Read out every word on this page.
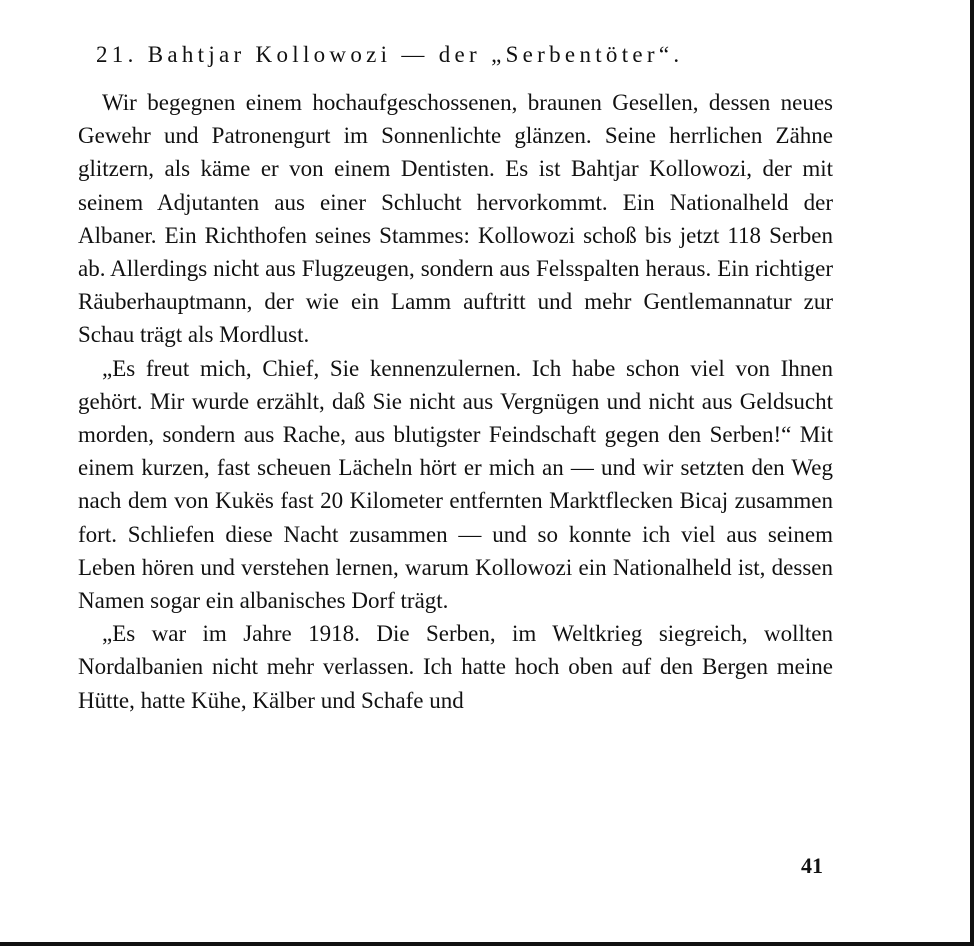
21. Bahtjar Kollowozi — der „Serbentöter“.

Wir begegnen einem hochaufgeschossenen, braunen Gesellen, dessen neues Gewehr und Patronengurt im Sonnenlichte glänzen. Seine herrlichen Zähne glitzern, als käme er von einem Dentisten. Es ist Bahtjar Kollowozi, der mit seinem Adjutanten aus einer Schlucht hervorkommt. Ein Nationalheld der Albaner. Ein Richthofen seines Stammes: Kollowozi schoß bis jetzt 118 Serben ab. Allerdings nicht aus Flugzeugen, sondern aus Felsspalten heraus. Ein richtiger Räuberhauptmann, der wie ein Lamm auftritt und mehr Gentlemannatur zur Schau trägt als Mordlust.

„Es freut mich, Chief, Sie kennenzulernen. Ich habe schon viel von Ihnen gehört. Mir wurde erzählt, daß Sie nicht aus Vergnügen und nicht aus Geldsucht morden, sondern aus Rache, aus blutigster Feindschaft gegen den Serben!“ Mit einem kurzen, fast scheuen Lächeln hört er mich an — und wir setzten den Weg nach dem von Kukës fast 20 Kilometer entfernten Marktflecken Bicaj zusammen fort. Schliefen diese Nacht zusammen — und so konnte ich viel aus seinem Leben hören und verstehen lernen, warum Kollowozi ein Nationalheld ist, dessen Namen sogar ein albanisches Dorf trägt.

„Es war im Jahre 1918. Die Serben, im Weltkrieg siegreich, wollten Nordalbanien nicht mehr verlassen. Ich hatte hoch oben auf den Bergen meine Hütte, hatte Kühe, Kälber und Schafe und

41
